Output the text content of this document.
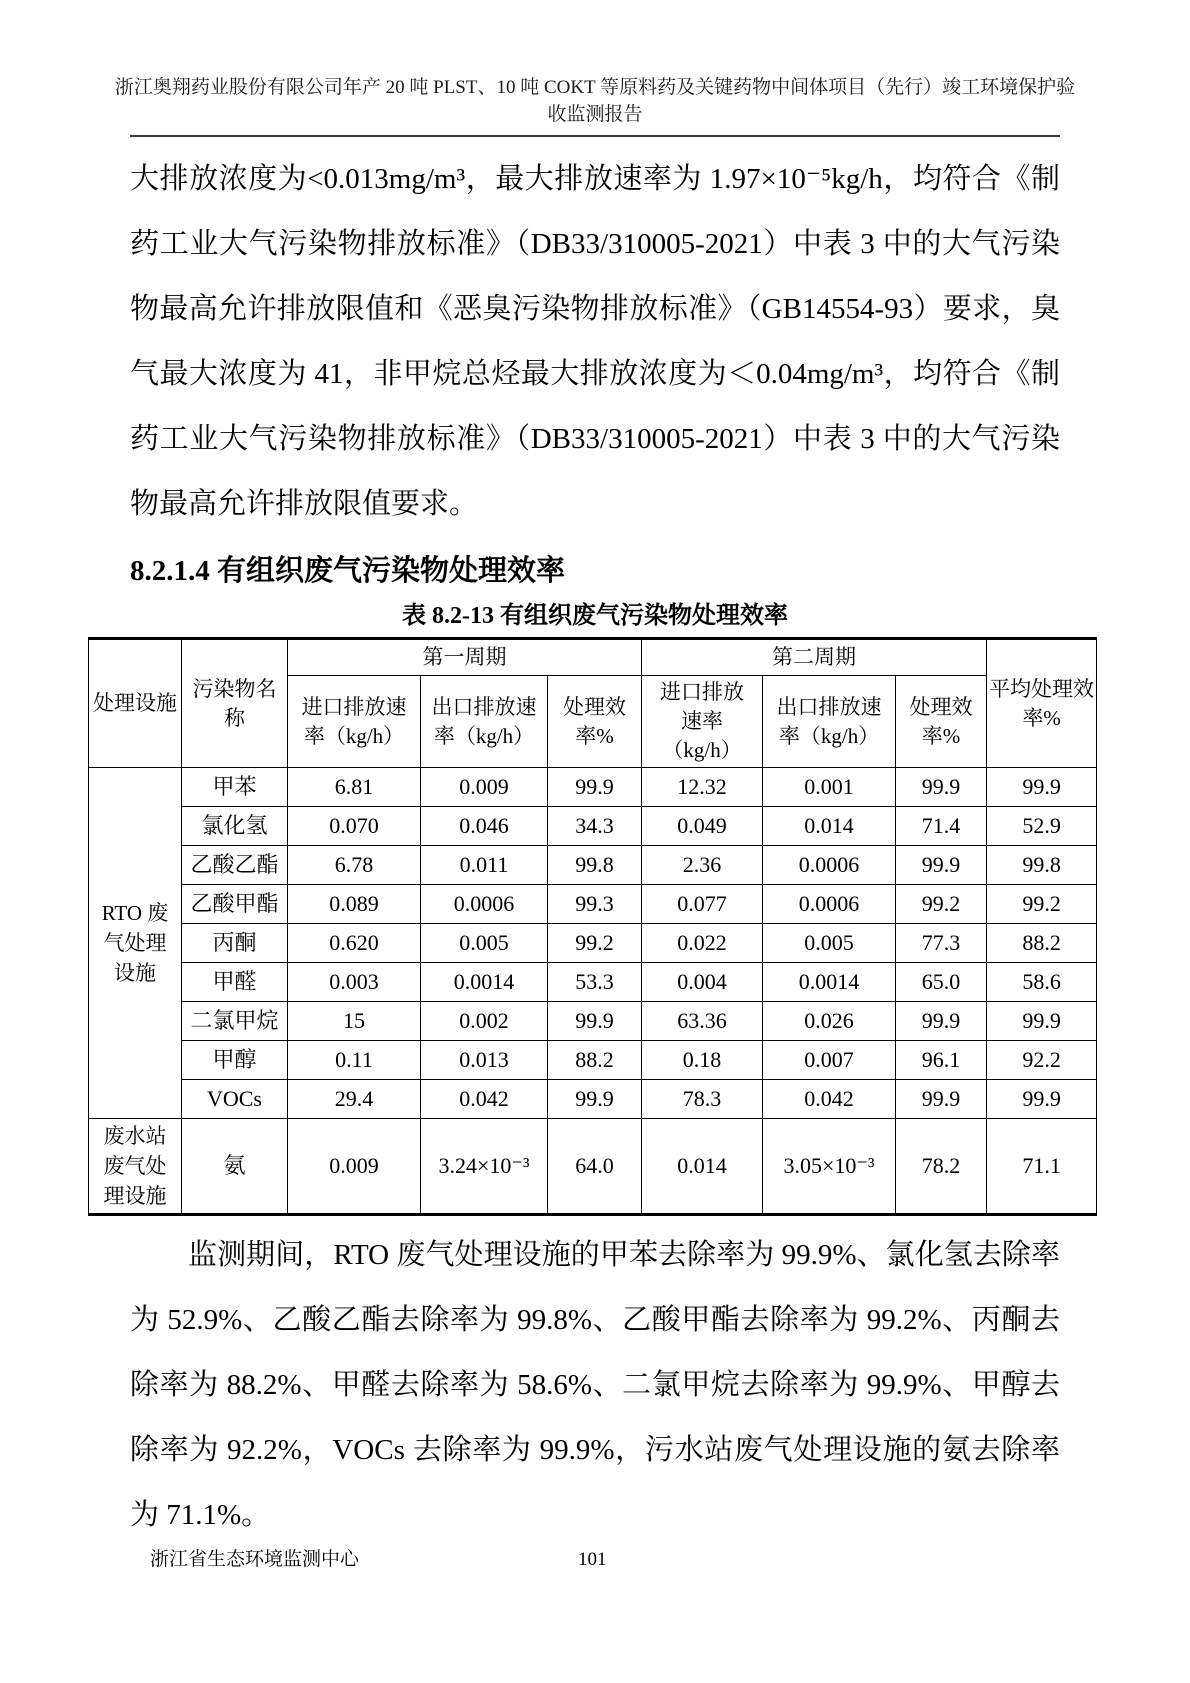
浙江奥翔药业股份有限公司年产 20 吨 PLST、10 吨 COKT 等原料药及关键药物中间体项目（先行）竣工环境保护验
收监测报告

大排放浓度为<0.013mg/m³，最大排放速率为 1.97×10⁻⁵kg/h，均符合《制药工业大气污染物排放标准》（DB33/310005-2021）中表 3 中的大气污染物最高允许排放限值和《恶臭污染物排放标准》（GB14554-93）要求，臭气最大浓度为 41，非甲烷总烃最大排放浓度为＜0.04mg/m³，均符合《制药工业大气污染物排放标准》（DB33/310005-2021）中表 3 中的大气污染物最高允许排放限值要求。

8.2.1.4 有组织废气污染物处理效率
表 8.2-13 有组织废气污染物处理效率
处理设施	污染物名称	第一周期			第二周期			平均处理效率%
		进口排放速率（kg/h）	出口排放速率（kg/h）	处理效率%	进口排放速率（kg/h）	出口排放速率（kg/h）	处理效率%	
RTO 废气处理设施	甲苯	6.81	0.009	99.9	12.32	0.001	99.9	99.9
	氯化氢	0.070	0.046	34.3	0.049	0.014	71.4	52.9
	乙酸乙酯	6.78	0.011	99.8	2.36	0.0006	99.9	99.8
	乙酸甲酯	0.089	0.0006	99.3	0.077	0.0006	99.2	99.2
	丙酮	0.620	0.005	99.2	0.022	0.005	77.3	88.2
	甲醛	0.003	0.0014	53.3	0.004	0.0014	65.0	58.6
	二氯甲烷	15	0.002	99.9	63.36	0.026	99.9	99.9
	甲醇	0.11	0.013	88.2	0.18	0.007	96.1	92.2
	VOCs	29.4	0.042	99.9	78.3	0.042	99.9	99.9
废水站废气处理设施	氨	0.009	3.24×10⁻³	64.0	0.014	3.05×10⁻³	78.2	71.1

监测期间，RTO 废气处理设施的甲苯去除率为 99.9%、氯化氢去除率为 52.9%、乙酸乙酯去除率为 99.8%、乙酸甲酯去除率为 99.2%、丙酮去除率为 88.2%、甲醛去除率为 58.6%、二氯甲烷去除率为 99.9%、甲醇去除率为 92.2%，VOCs 去除率为 99.9%，污水站废气处理设施的氨去除率为 71.1%。

浙江省生态环境监测中心	101
